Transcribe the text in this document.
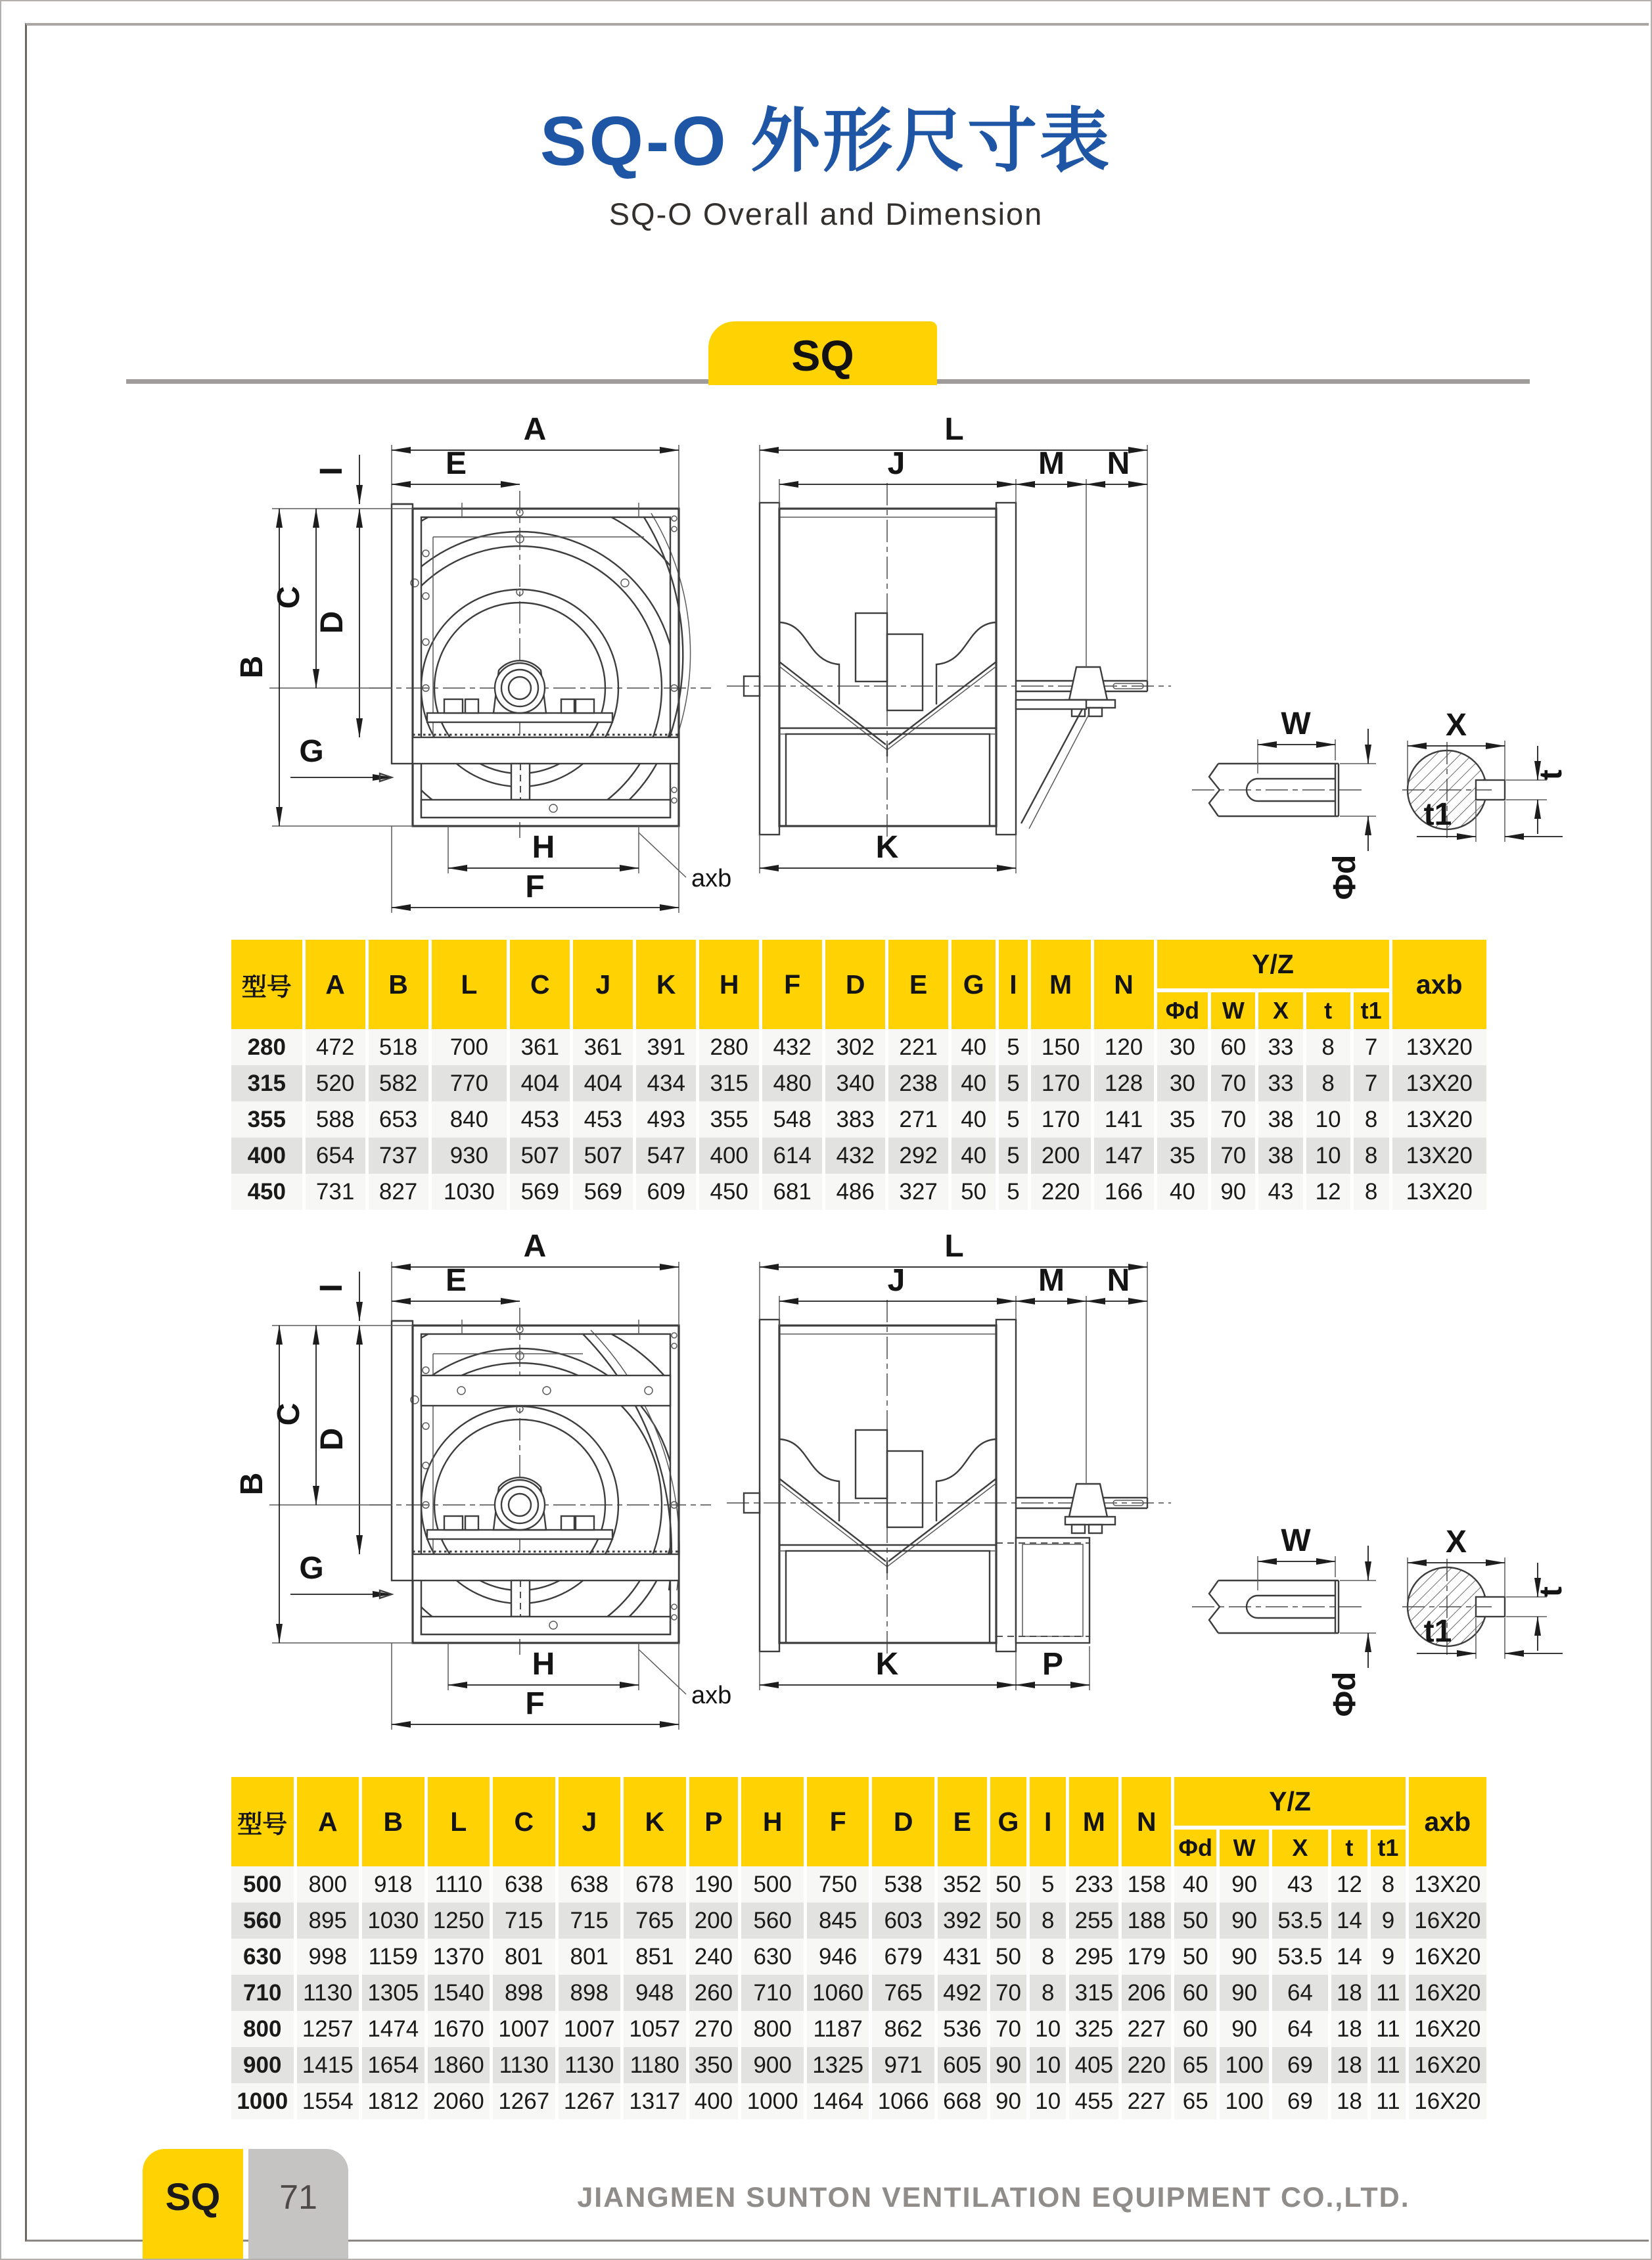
SQ-O 外形尺寸表
SQ-O Overall and Dimension
SQ
A
E
I
D
C
B
G
H
F	axb
L
J	M N
K
W
Φd
X
t
t1
A
E
I
D
C
B
G
H
F	axb
L
J	M N
K	P
W
Φd
X
t
t1
型号	A	B	L	C	J	K	H	F	D	E	G	I	M	N	Y/Z					axb
															Φd	W	X	t	t1	
280	472	518	700	361	361	391	280	432	302	221	40	5	150	120	30	60	33	8	7	13X20
315	520	582	770	404	404	434	315	480	340	238	40	5	170	128	30	70	33	8	7	13X20
355	588	653	840	453	453	493	355	548	383	271	40	5	170	141	35	70	38	10	8	13X20
400	654	737	930	507	507	547	400	614	432	292	40	5	200	147	35	70	38	10	8	13X20
450	731	827	1030	569	569	609	450	681	486	327	50	5	220	166	40	90	43	12	8	13X20
型号	A	B	L	C	J	K	P	H	F	D	E	G	I	M	N	Y/Z					axb
																Φd	W	X	t	t1	
500	800	918	1110	638	638	678	190	500	750	538	352	50	5	233	158	40	90	43	12	8	13X20
560	895	1030	1250	715	715	765	200	560	845	603	392	50	8	255	188	50	90	53.5	14	9	16X20
630	998	1159	1370	801	801	851	240	630	946	679	431	50	8	295	179	50	90	53.5	14	9	16X20
710	1130	1305	1540	898	898	948	260	710	1060	765	492	70	8	315	206	60	90	64	18	11	16X20
800	1257	1474	1670	1007	1007	1057	270	800	1187	862	536	70	10	325	227	60	90	64	18	11	16X20
900	1415	1654	1860	1130	1130	1180	350	900	1325	971	605	90	10	405	220	65	100	69	18	11	16X20
1000	1554	1812	2060	1267	1267	1317	400	1000	1464	1066	668	90	10	455	227	65	100	69	18	11	16X20
SQ	71	JIANGMEN SUNTON VENTILATION EQUIPMENT CO.,LTD.
